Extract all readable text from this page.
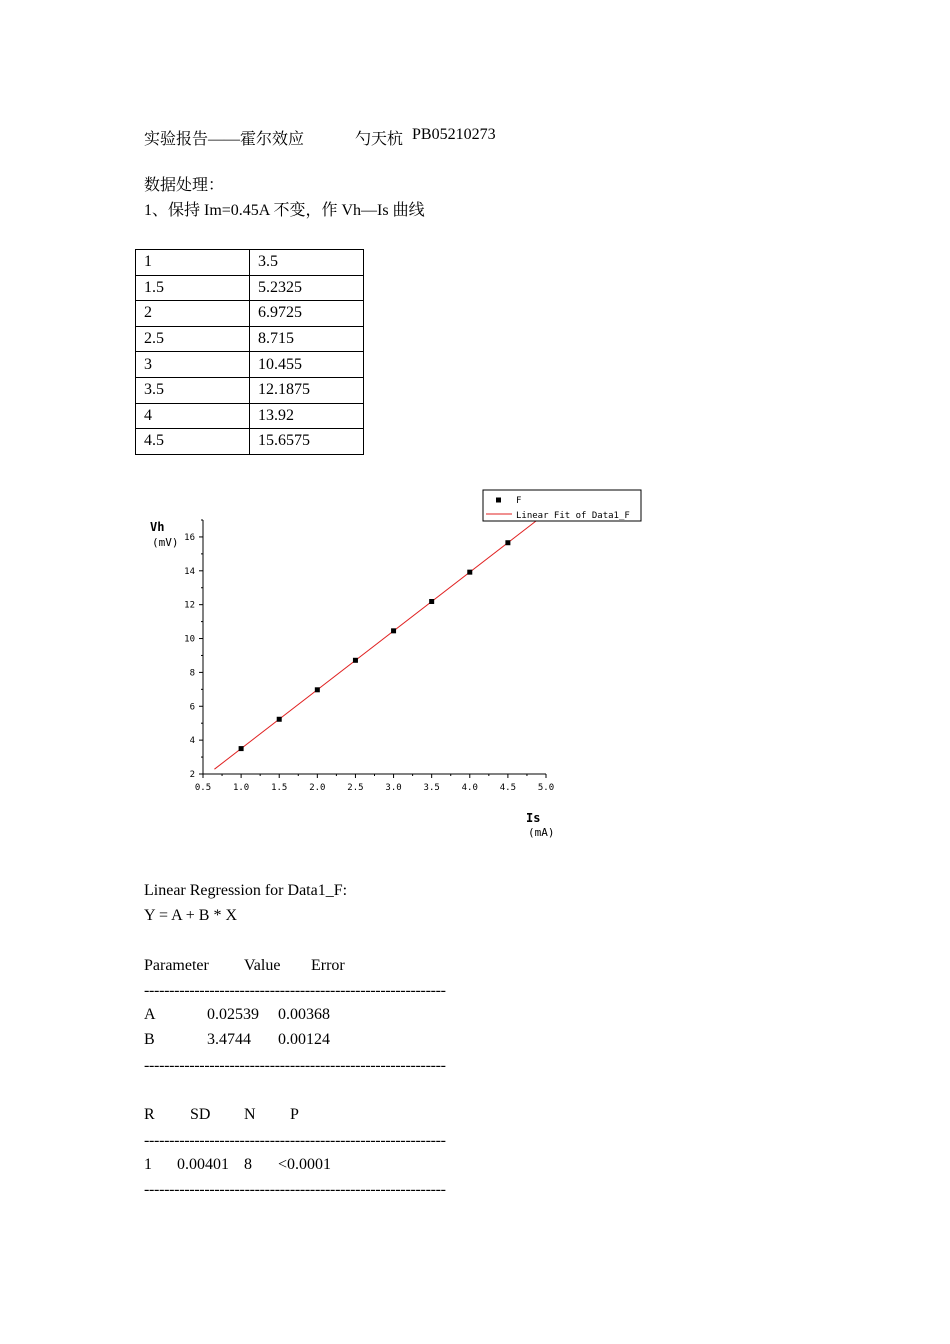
实验报告——霍尔效应	勺天杭 PB05210273
数据处理：
1、保持 Im=0.45A 不变，作 Vh—Is 曲线
1	3.5
1.5	5.2325
2	6.9725
2.5	8.715
3	10.455
3.5	12.1875
4	13.92
4.5	15.6575
0.5 1.0 1.5 2.0 2.5 3.0 3.5 4.0 4.5 5.0
2
4
6
8
10
12
14
16
Vh
(mV)
Is
(mA)
F
Linear Fit of Data1_F
Linear Regression for Data1_F:
Y = A + B * X
Parameter Value Error
------------------------------------------------------------
A	0.02539 0.00368
B	3.4744 0.00124
------------------------------------------------------------
R SD N P
------------------------------------------------------------
1 0.00401 8 <0.0001
------------------------------------------------------------
